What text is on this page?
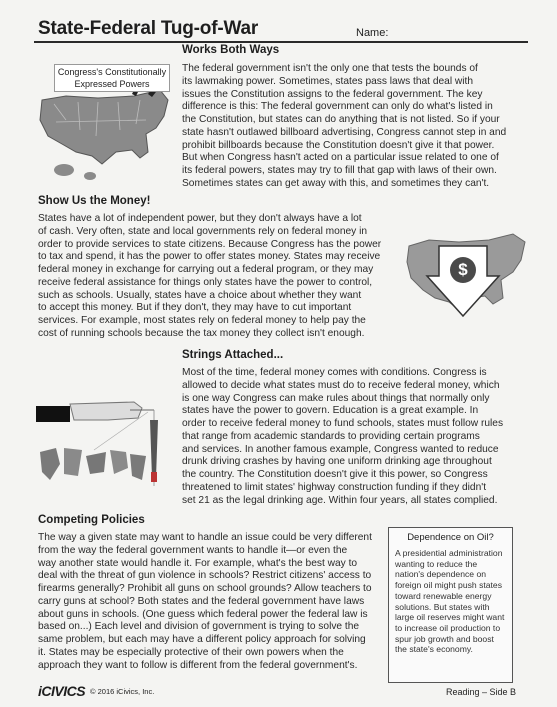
State-Federal Tug-of-War	Name:
Congress's Constitutionally Expressed Powers
Works Both Ways
The federal government isn't the only one that tests the bounds of
its lawmaking power. Sometimes, states pass laws that deal with
issues the Constitution assigns to the federal government. The key
difference is this: The federal government can only do what's listed in
the Constitution, but states can do anything that is not listed. So if your
state hasn't outlawed billboard advertising, Congress cannot step in and
prohibit billboards because the Constitution doesn't give it that power.
But when Congress hasn't acted on a particular issue related to one of
its federal powers, states may try to fill that gap with laws of their own.
Sometimes states can get away with this, and sometimes they can't.
Show Us the Money!
States have a lot of independent power, but they don't always have a lot
of cash. Very often, state and local governments rely on federal money in
order to provide services to state citizens. Because Congress has the power
to tax and spend, it has the power to offer states money. States may receive
federal money in exchange for carrying out a federal program, or they may
receive federal assistance for things only states have the power to control,
such as schools. Usually, states have a choice about whether they want
to accept this money. But if they don't, they may have to cut important
services. For example, most states rely on federal money to help pay the
cost of running schools because the tax money they collect isn't enough.
$
Strings Attached...
Most of the time, federal money comes with conditions. Congress is
allowed to decide what states must do to receive federal money, which
is one way Congress can make rules about things that normally only
states have the power to govern. Education is a great example. In
order to receive federal money to fund schools, states must follow rules
that range from academic standards to providing certain programs
and services. In another famous example, Congress wanted to reduce
drunk driving crashes by having one uniform drinking age throughout
the country. The Constitution doesn't give it this power, so Congress
threatened to limit states' highway construction funding if they didn't
set 21 as the legal drinking age. Within four years, all states complied.
Competing Policies
The way a given state may want to handle an issue could be very different
from the way the federal government wants to handle it—or even the
way another state would handle it. For example, what's the best way to
deal with the threat of gun violence in schools? Restrict citizens' access to
firearms generally? Prohibit all guns on school grounds? Allow teachers to
carry guns at school? Both states and the federal government have laws
about guns in schools. (One guess which federal power the federal law is
based on...) Each level and division of government is trying to solve the
same problem, but each may have a different policy approach for solving
it. States may be especially protective of their own powers when the
approach they want to follow is different from the federal government's.
Dependence on Oil?
A presidential administration
wanting to reduce the
nation's dependence on
foreign oil might push states
toward renewable energy
solutions. But states with
large oil reserves might want
to increase oil production to
spur job growth and boost
the state's economy.
iCIVICS © 2016 iCivics, Inc.	Reading – Side B
